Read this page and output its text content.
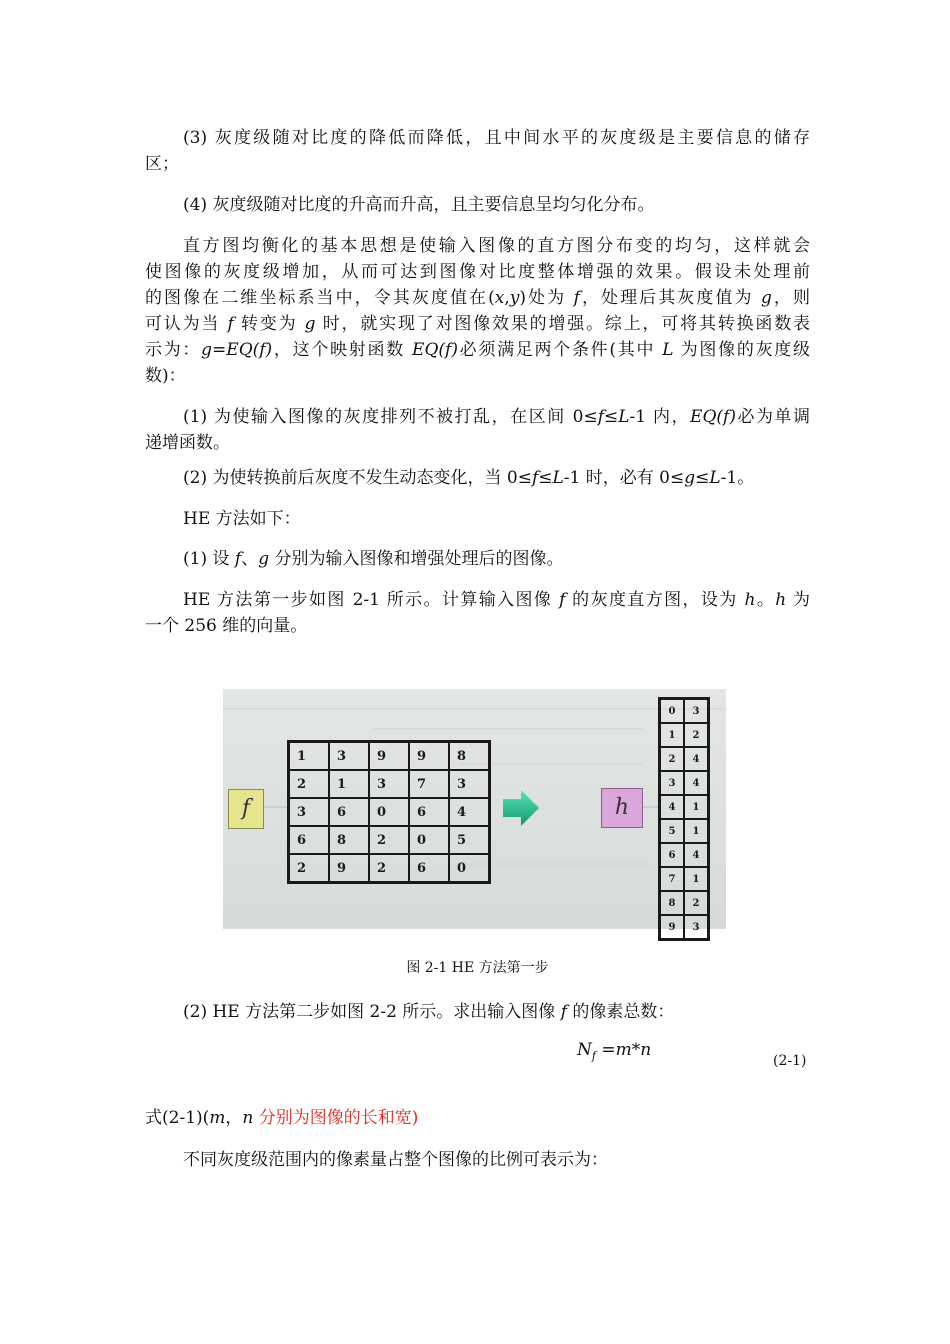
(3) 灰度级随对比度的降低而降低，且中间水平的灰度级是主要信息的储存
区；
(4) 灰度级随对比度的升高而升高，且主要信息呈均匀化分布。
直方图均衡化的基本思想是使输入图像的直方图分布变的均匀，这样就会
使图像的灰度级增加，从而可达到图像对比度整体增强的效果。假设未处理前
的图像在二维坐标系当中，令其灰度值在(x,y)处为 f，处理后其灰度值为 g，则
可认为当 f 转变为 g 时，就实现了对图像效果的增强。综上，可将其转换函数表
示为：g=EQ(f)，这个映射函数 EQ(f)必须满足两个条件(其中 L 为图像的灰度级
数)：
(1) 为使输入图像的灰度排列不被打乱，在区间 0≤f≤L-1 内，EQ(f)必为单调
递增函数。
(2) 为使转换前后灰度不发生动态变化，当 0≤f≤L-1 时，必有 0≤g≤L-1。
HE 方法如下：
(1) 设 f、g 分别为输入图像和增强处理后的图像。
HE 方法第一步如图 2-1 所示。计算输入图像 f 的灰度直方图，设为 h。h 为
一个 256 维的向量。
f
1	3	9	9	8
2	1	3	7	3
3	6	0	6	4
6	8	2	0	5
2	9	2	6	0
h
0	3
1	2
2	4
3	4
4	1
5	1
6	4
7	1
8	2
9	3
图 2-1 HE 方法第一步
(2) HE 方法第二步如图 2-2 所示。求出输入图像 f 的像素总数：
$N_f =m*n$
(2-1)
式(2-1)(m，n 分别为图像的长和宽)
不同灰度级范围内的像素量占整个图像的比例可表示为：
